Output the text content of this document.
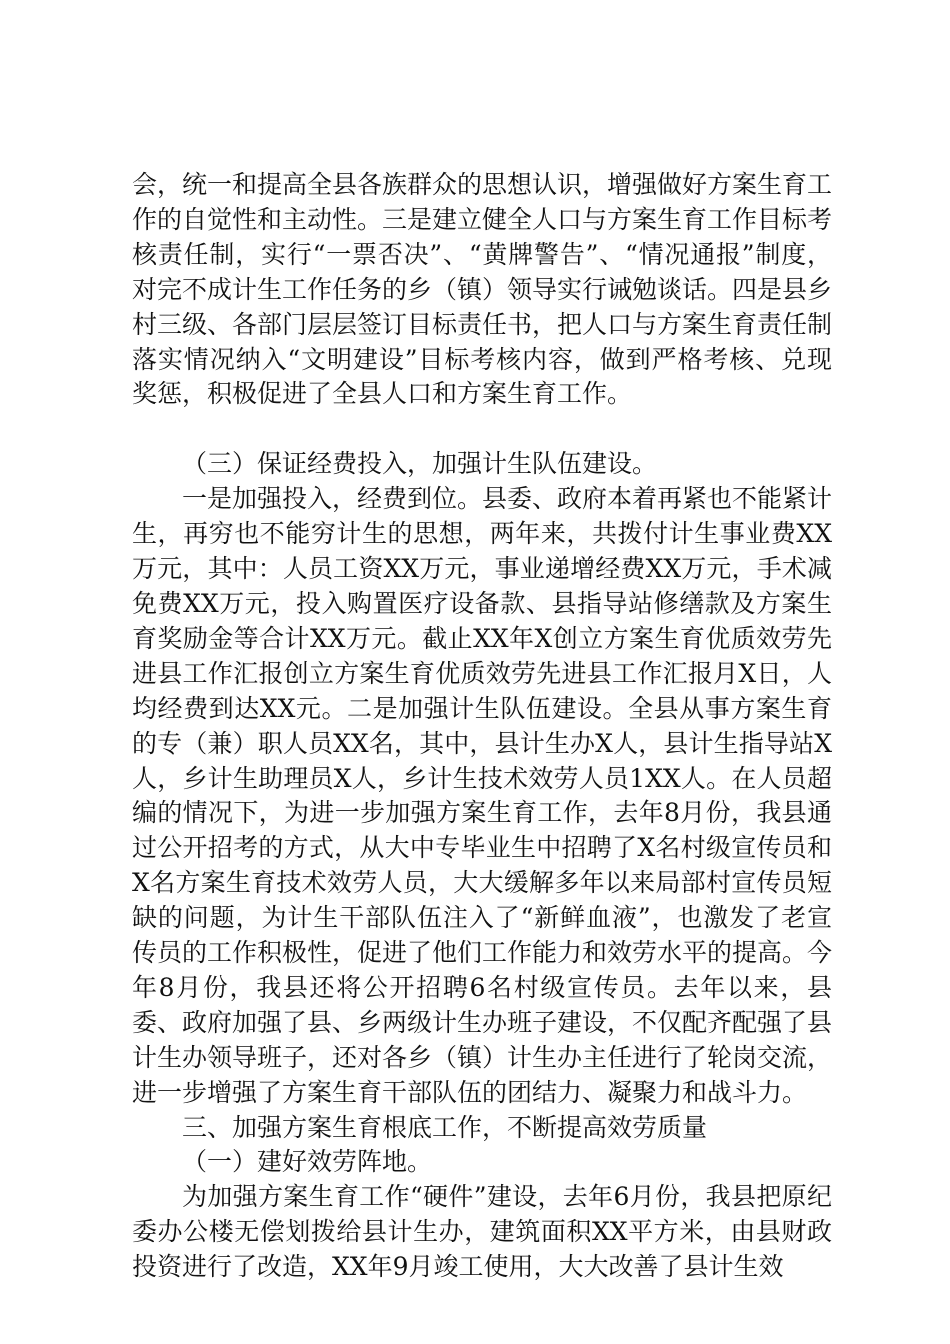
会，统一和提高全县各族群众的思想认识，增强做好方案生育工作的自觉性和主动性。三是建立健全人口与方案生育工作目标考核责任制，实行“一票否决”、“黄牌警告”、“情况通报”制度，对完不成计生工作任务的乡（镇）领导实行诫勉谈话。四是县乡村三级、各部门层层签订目标责任书，把人口与方案生育责任制落实情况纳入“文明建设”目标考核内容，做到严格考核、兑现奖惩，积极促进了全县人口和方案生育工作。

（三）保证经费投入，加强计生队伍建设。

一是加强投入，经费到位。县委、政府本着再紧也不能紧计生，再穷也不能穷计生的思想，两年来，共拨付计生事业费XX万元，其中：人员工资XX万元，事业递增经费XX万元，手术减免费XX万元，投入购置医疗设备款、县指导站修缮款及方案生育奖励金等合计XX万元。截止XX年X创立方案生育优质效劳先进县工作汇报创立方案生育优质效劳先进县工作汇报月X日，人均经费到达XX元。二是加强计生队伍建设。全县从事方案生育的专（兼）职人员XX名，其中，县计生办X人，县计生指导站X人，乡计生助理员X人，乡计生技术效劳人员1XX人。在人员超编的情况下，为进一步加强方案生育工作，去年8月份，我县通过公开招考的方式，从大中专毕业生中招聘了X名村级宣传员和X名方案生育技术效劳人员，大大缓解多年以来局部村宣传员短缺的问题，为计生干部队伍注入了“新鲜血液”，也激发了老宣传员的工作积极性，促进了他们工作能力和效劳水平的提高。今年8月份，我县还将公开招聘6名村级宣传员。去年以来，县委、政府加强了县、乡两级计生办班子建设，不仅配齐配强了县计生办领导班子，还对各乡（镇）计生办主任进行了轮岗交流，进一步增强了方案生育干部队伍的团结力、凝聚力和战斗力。

三、加强方案生育根底工作，不断提高效劳质量

（一）建好效劳阵地。

为加强方案生育工作“硬件”建设，去年6月份，我县把原纪委办公楼无偿划拨给县计生办，建筑面积XX平方米，由县财政投资进行了改造，XX年9月竣工使用，大大改善了县计生效
